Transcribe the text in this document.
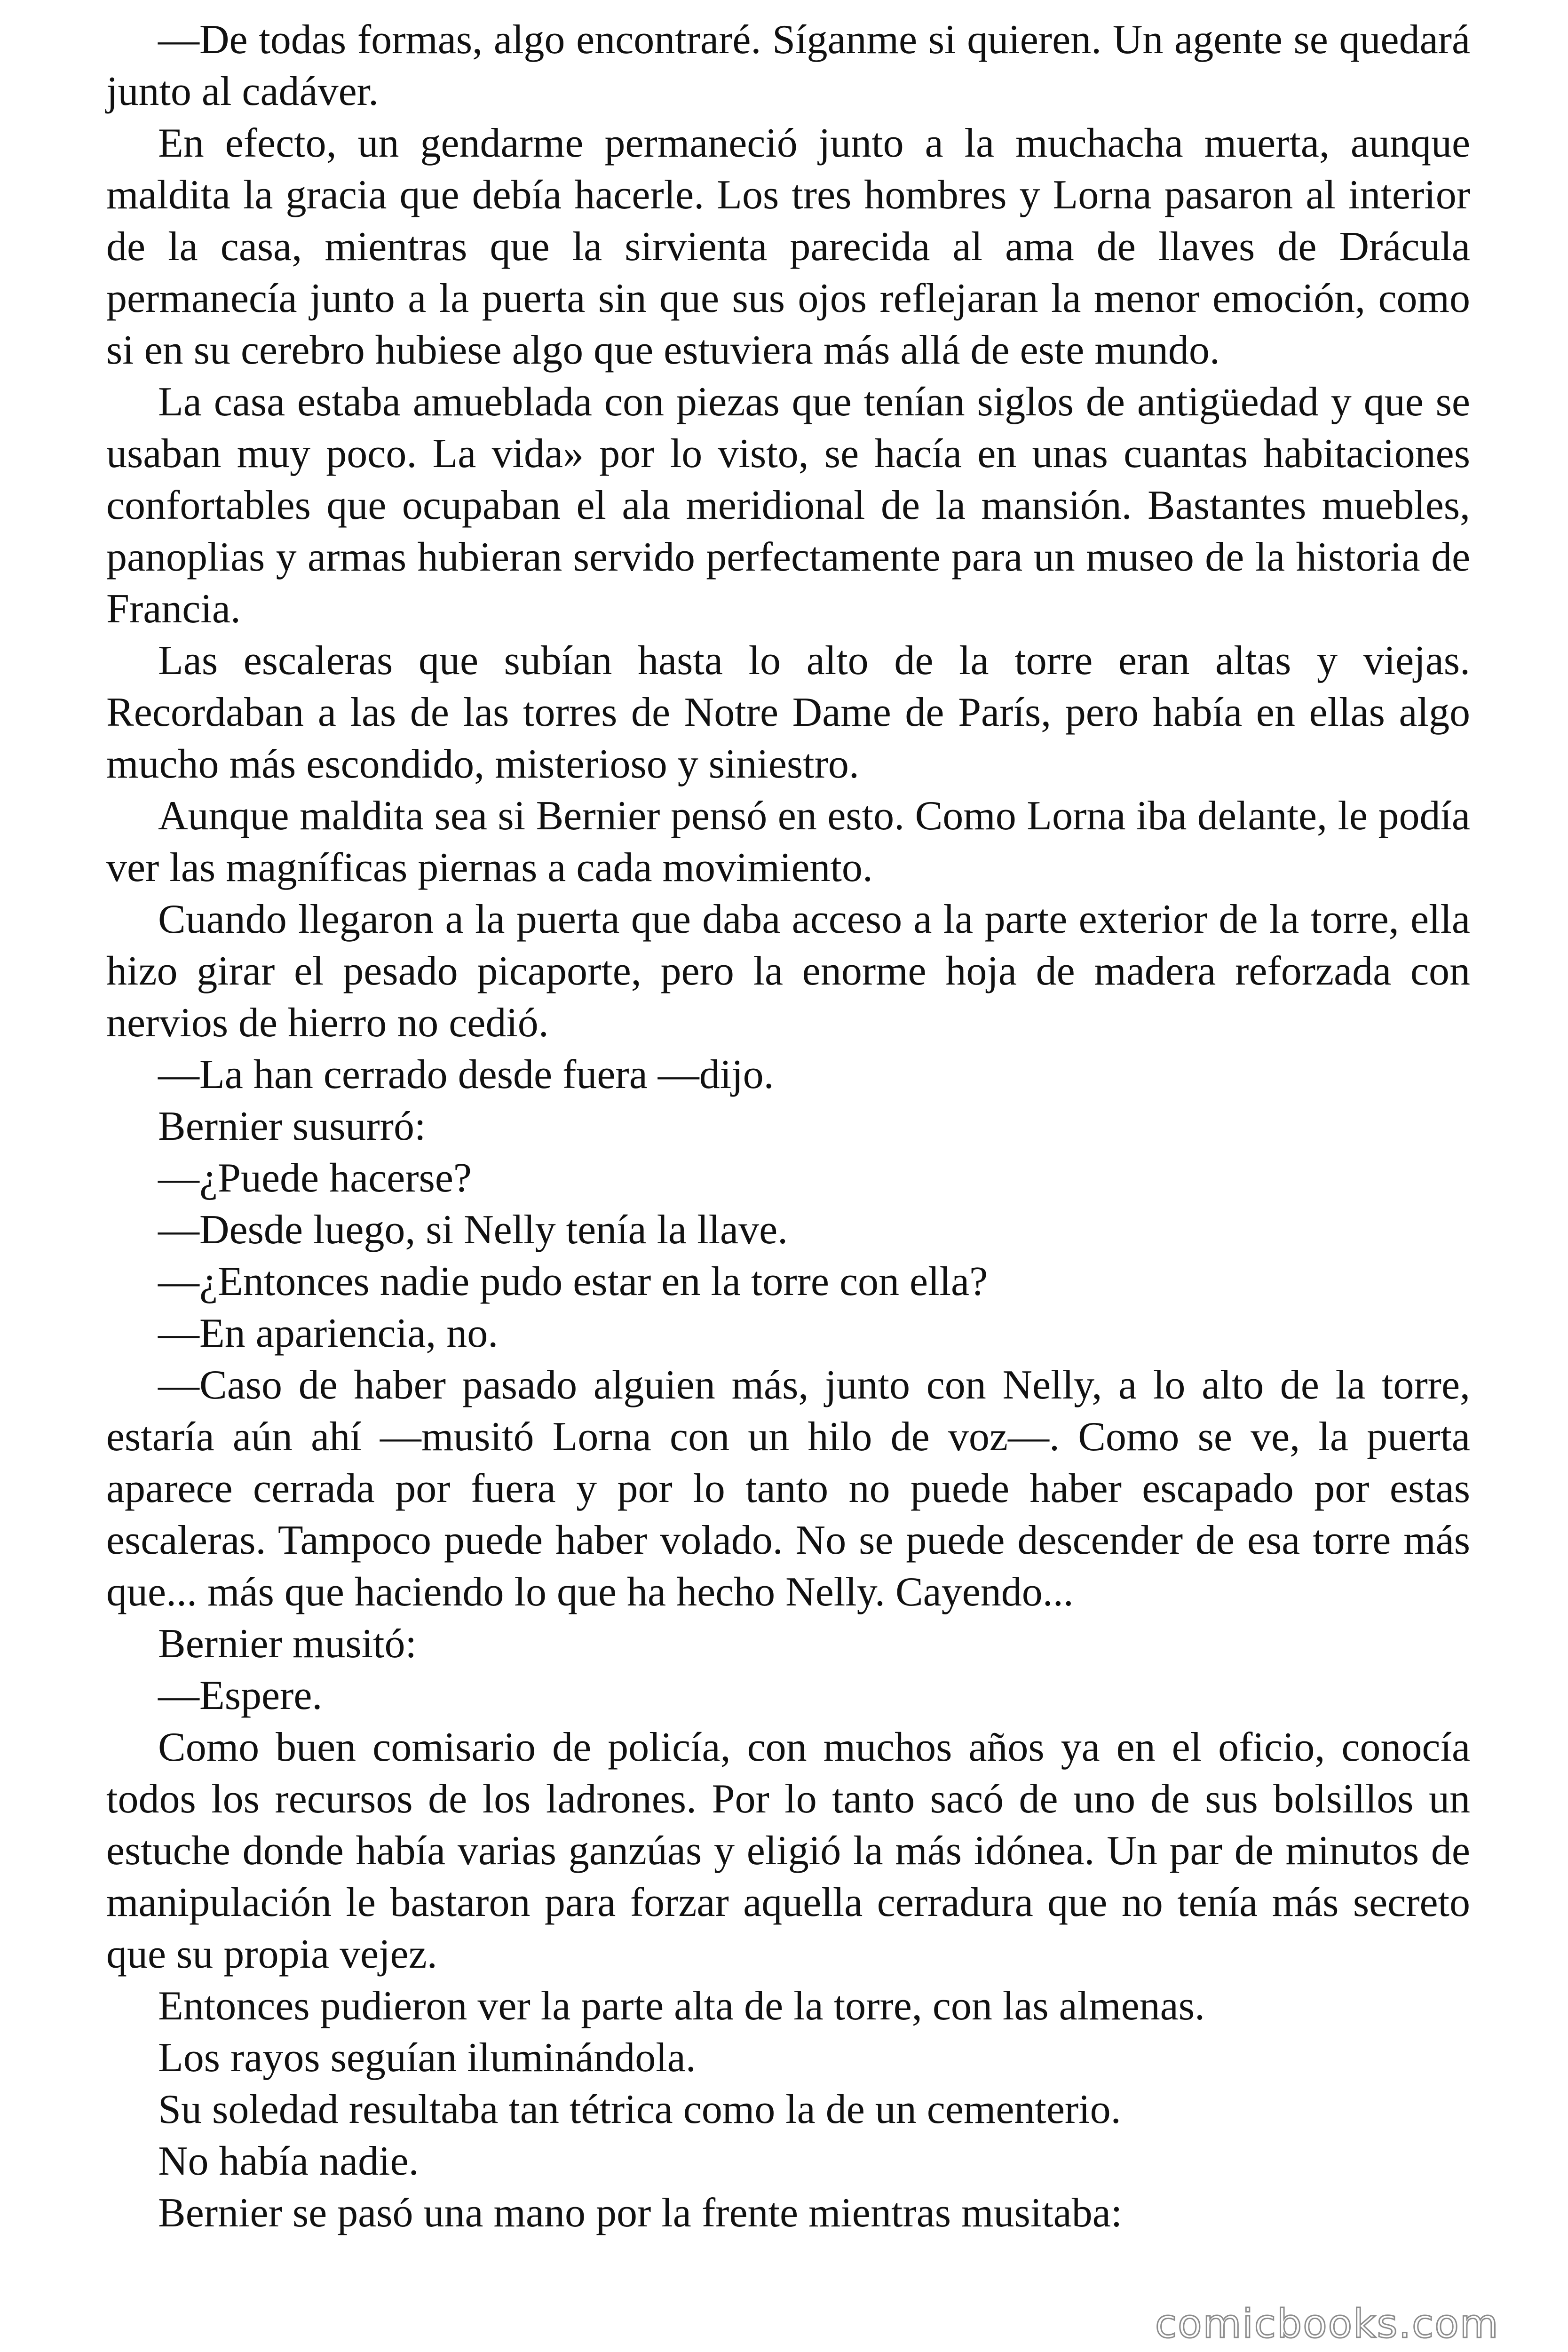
—De todas formas, algo encontraré. Síganme si quieren. Un agente se quedará junto al cadáver.

En efecto, un gendarme permaneció junto a la muchacha muerta, aunque maldita la gracia que debía hacerle. Los tres hombres y Lorna pasaron al interior de la casa, mientras que la sirvienta parecida al ama de llaves de Drácula permanecía junto a la puerta sin que sus ojos reflejaran la menor emoción, como si en su cerebro hubiese algo que estuviera más allá de este mundo.

La casa estaba amueblada con piezas que tenían siglos de antigüedad y que se usaban muy poco. La vida» por lo visto, se hacía en unas cuantas habitaciones confortables que ocupaban el ala meridional de la mansión. Bastantes muebles, panoplias y armas hubieran servido perfectamente para un museo de la historia de Francia.

Las escaleras que subían hasta lo alto de la torre eran altas y viejas. Recordaban a las de las torres de Notre Dame de París, pero había en ellas algo mucho más escondido, misterioso y siniestro.

Aunque maldita sea si Bernier pensó en esto. Como Lorna iba delante, le podía ver las magníficas piernas a cada movimiento.

Cuando llegaron a la puerta que daba acceso a la parte exterior de la torre, ella hizo girar el pesado picaporte, pero la enorme hoja de madera reforzada con nervios de hierro no cedió.

—La han cerrado desde fuera —dijo.

Bernier susurró:

—¿Puede hacerse?

—Desde luego, si Nelly tenía la llave.

—¿Entonces nadie pudo estar en la torre con ella?

—En apariencia, no.

—Caso de haber pasado alguien más, junto con Nelly, a lo alto de la torre, estaría aún ahí —musitó Lorna con un hilo de voz—. Como se ve, la puerta aparece cerrada por fuera y por lo tanto no puede haber escapado por estas escaleras. Tampoco puede haber volado. No se puede descender de esa torre más que... más que haciendo lo que ha hecho Nelly. Cayendo...

Bernier musitó:

—Espere.

Como buen comisario de policía, con muchos años ya en el oficio, conocía todos los recursos de los ladrones. Por lo tanto sacó de uno de sus bolsillos un estuche donde había varias ganzúas y eligió la más idónea. Un par de minutos de manipulación le bastaron para forzar aquella cerradura que no tenía más secreto que su propia vejez.

Entonces pudieron ver la parte alta de la torre, con las almenas.

Los rayos seguían iluminándola.

Su soledad resultaba tan tétrica como la de un cementerio.

No había nadie.

Bernier se pasó una mano por la frente mientras musitaba:

comicbooks.com
